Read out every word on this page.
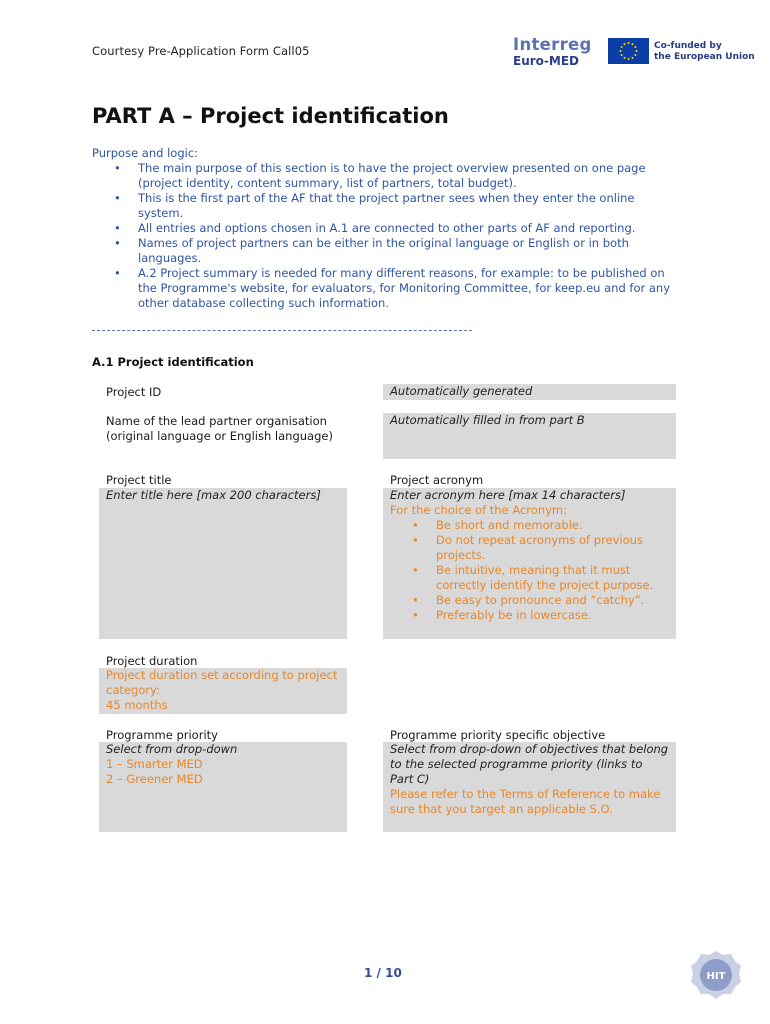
Courtesy Pre-Application Form Call05	Interreg
Euro-MED
Co-funded by
the European Union
PART A – Project identification
Purpose and logic:
• The main purpose of this section is to have the project overview presented on one page (project identity, content summary, list of partners, total budget).
• This is the first part of the AF that the project partner sees when they enter the online system.
• All entries and options chosen in A.1 are connected to other parts of AF and reporting.
• Names of project partners can be either in the original language or English or in both languages.
• A.2 Project summary is needed for many different reasons, for example: to be published on the Programme's website, for evaluators, for Monitoring Committee, for keep.eu and for any other database collecting such information.
A.1 Project identification
Project ID	Automatically generated
Name of the lead partner organisation (original language or English language)
Automatically filled in from part B
Project title
Enter title here [max 200 characters]
Project acronym
Enter acronym here [max 14 characters]
For the choice of the Acronym:
• Be short and memorable.
• Do not repeat acronyms of previous projects.
• Be intuitive, meaning that it must correctly identify the project purpose.
• Be easy to pronounce and “catchy”.
• Preferably be in lowercase.
Project duration
Project duration set according to project category:
45 months
Programme priority
Select from drop-down
1 – Smarter MED
2 – Greener MED
Programme priority specific objective
Select from drop-down of objectives that belong to the selected programme priority (links to Part C)
Please refer to the Terms of Reference to make sure that you target an applicable S.O.
1 / 10	HIT
